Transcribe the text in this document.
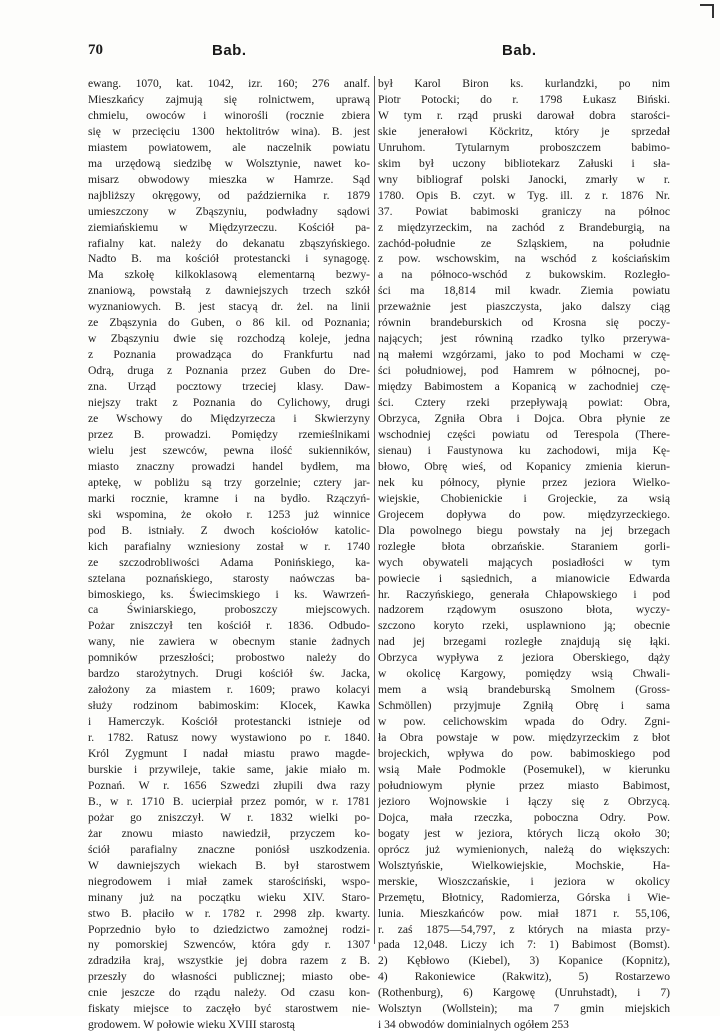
70	Bab.	Bab.
ewang. 1070, kat. 1042, izr. 160; 276 analf.
Mieszkańcy zajmują się rolnictwem, uprawą
chmielu, owoców i winorośli (rocznie zbiera
się w przecięciu 1300 hektolitrów wina). B. jest
miastem powiatowem, ale naczelnik powiatu
ma urzędową siedzibę w Wolsztynie, nawet ko-
misarz obwodowy mieszka w Hamrze. Sąd
najbliższy okręgowy, od października r. 1879
umieszczony w Zbąszyniu, podwładny sądowi
ziemiańskiemu w Międzyrzeczu. Kościół pa-
rafialny kat. należy do dekanatu zbąszyńskiego.
Nadto B. ma kościół protestancki i synagogę.
Ma szkołę kilkoklasową elementarną bezwy-
znaniową, powstałą z dawniejszych trzech szkół
wyznaniowych. B. jest stacyą dr. żel. na linii
ze Zbąszynia do Guben, o 86 kil. od Poznania;
w Zbąszyniu dwie się rozchodzą koleje, jedna
z Poznania prowadząca do Frankfurtu nad
Odrą, druga z Poznania przez Guben do Dre-
zna. Urząd pocztowy trzeciej klasy. Daw-
niejszy trakt z Poznania do Cylichowy, drugi
ze Wschowy do Międzyrzecza i Skwierzyny
przez B. prowadzi. Pomiędzy rzemieślnikami
wielu jest szewców, pewna ilość sukienników,
miasto znaczny prowadzi handel bydłem, ma
aptekę, w pobliżu są trzy gorzelnie; cztery jar-
marki rocznie, kramne i na bydło. Rzączyń-
ski wspomina, że około r. 1253 już winnice
pod B. istniały. Z dwoch kościołów katolic-
kich parafialny wzniesiony został w r. 1740
ze szczodrobliwości Adama Ponińskiego, ka-
sztelana poznańskiego, starosty naówczas ba-
bimoskiego, ks. Świecimskiego i ks. Wawrzeń-
ca Świniarskiego, proboszczy miejscowych.
Pożar zniszczył ten kościół r. 1836. Odbudo-
wany, nie zawiera w obecnym stanie żadnych
pomników przeszłości; probostwo należy do
bardzo starożytnych. Drugi kościół św. Jacka,
założony za miastem r. 1609; prawo kolacyi
służy rodzinom babimoskim: Klocek, Kawka
i Hamerczyk. Kościół protestancki istnieje od
r. 1782. Ratusz nowy wystawiono po r. 1840.
Król Zygmunt I nadał miastu prawo magde-
burskie i przywileje, takie same, jakie miało m.
Poznań. W r. 1656 Szwedzi złupili dwa razy
B., w r. 1710 B. ucierpiał przez pomór, w r. 1781
pożar go zniszczył. W r. 1832 wielki po-
żar znowu miasto nawiedził, przyczem ko-
ściół parafialny znaczne poniósł uszkodzenia.
W dawniejszych wiekach B. był starostwem
niegrodowem i miał zamek starościński, wspo-
minany już na początku wieku XIV. Staro-
stwo B. płaciło w r. 1782 r. 2998 złp. kwarty.
Poprzednio było to dziedzictwo zamożnej rodzi-
ny pomorskiej Szwenców, która gdy r. 1307
zdradziła kraj, wszystkie jej dobra razem z B.
przeszły do własności publicznej; miasto obe-
cnie jeszcze do rządu należy. Od czasu kon-
fiskaty miejsce to zaczęło być starostwem nie-
grodowem. W połowie wieku XVIII starostą
był Karol Biron ks. kurlandzki, po nim
Piotr Potocki; do r. 1798 Łukasz Biński.
W tym r. rząd pruski darował dobra starości-
skie jenerałowi Köckritz, który je sprzedał
Unruhom. Tytularnym proboszczem babimo-
skim był uczony bibliotekarz Załuski i sła-
wny bibliograf polski Janocki, zmarły w r.
1780. Opis B. czyt. w Tyg. ill. z r. 1876 Nr.
37. Powiat babimoski graniczy na północ
z międzyrzeckim, na zachód z Brandeburgią, na
zachód-południe ze Szląskiem, na południe
z pow. wschowskim, na wschód z kościańskim
a na północo-wschód z bukowskim. Rozległo-
ści ma 18,814 mil kwadr. Ziemia powiatu
przeważnie jest piaszczysta, jako dalszy ciąg
równin brandeburskich od Krosna się poczy-
nających; jest równiną rzadko tylko przerywa-
ną małemi wzgórzami, jako to pod Mochami w czę-
ści południowej, pod Hamrem w północnej, po-
między Babimostem a Kopanicą w zachodniej czę-
ści. Cztery rzeki przepływają powiat: Obra,
Obrzyca, Zgniła Obra i Dojca. Obra płynie ze
wschodniej części powiatu od Terespola (There-
sienau) i Faustynowa ku zachodowi, mija Kę-
błowo, Obrę wieś, od Kopanicy zmienia kierun-
nek ku północy, płynie przez jeziora Wielko-
wiejskie, Chobienickie i Grojeckie, za wsią
Grojecem dopływa do pow. międzyrzeckiego.
Dla powolnego biegu powstały na jej brzegach
rozległe błota obrzańskie. Staraniem gorli-
wych obywateli mających posiadłości w tym
powiecie i sąsiednich, a mianowicie Edwarda
hr. Raczyńskiego, generała Chłapowskiego i pod
nadzorem rządowym osuszono błota, wyczy-
szczono koryto rzeki, usplawniono ją; obecnie
nad jej brzegami rozległe znajdują się łąki.
Obrzyca wypływa z jeziora Oberskiego, dąży
w okolicę Kargowy, pomiędzy wsią Chwali-
mem a wsią brandeburską Smolnem (Gross-
Schmöllen) przyjmuje Zgniłą Obrę i sama
w pow. celichowskim wpada do Odry. Zgni-
ła Obra powstaje w pow. międzyrzeckim z błot
brojeckich, wpływa do pow. babimoskiego pod
wsią Małe Podmokle (Posemukel), w kierunku
południowym płynie przez miasto Babimost,
jezioro Wojnowskie i łączy się z Obrzycą.
Dojca, mała rzeczka, poboczna Odry. Pow.
bogaty jest w jeziora, których liczą około 30;
oprócz już wymienionych, należą do większych:
Wolsztyńskie, Wielkowiejskie, Mochskie, Ha-
merskie, Wioszczańskie, i jeziora w okolicy
Przemętu, Błotnicy, Radomierza, Górska i Wie-
lunia. Mieszkańców pow. miał 1871 r. 55,106,
r. zaś 1875—54,797, z których na miasta przy-
pada 12,048. Liczy ich 7: 1) Babimost (Bomst).
2) Kębłowo (Kiebel), 3) Kopanice (Kopnitz),
4) Rakoniewice (Rakwitz), 5) Rostarzewo
(Rothenburg), 6) Kargowę (Unruhstadt), i 7)
Wolsztyn (Wollstein); ma 7 gmin miejskich
i 34 obwodów dominialnych ogółem 253
